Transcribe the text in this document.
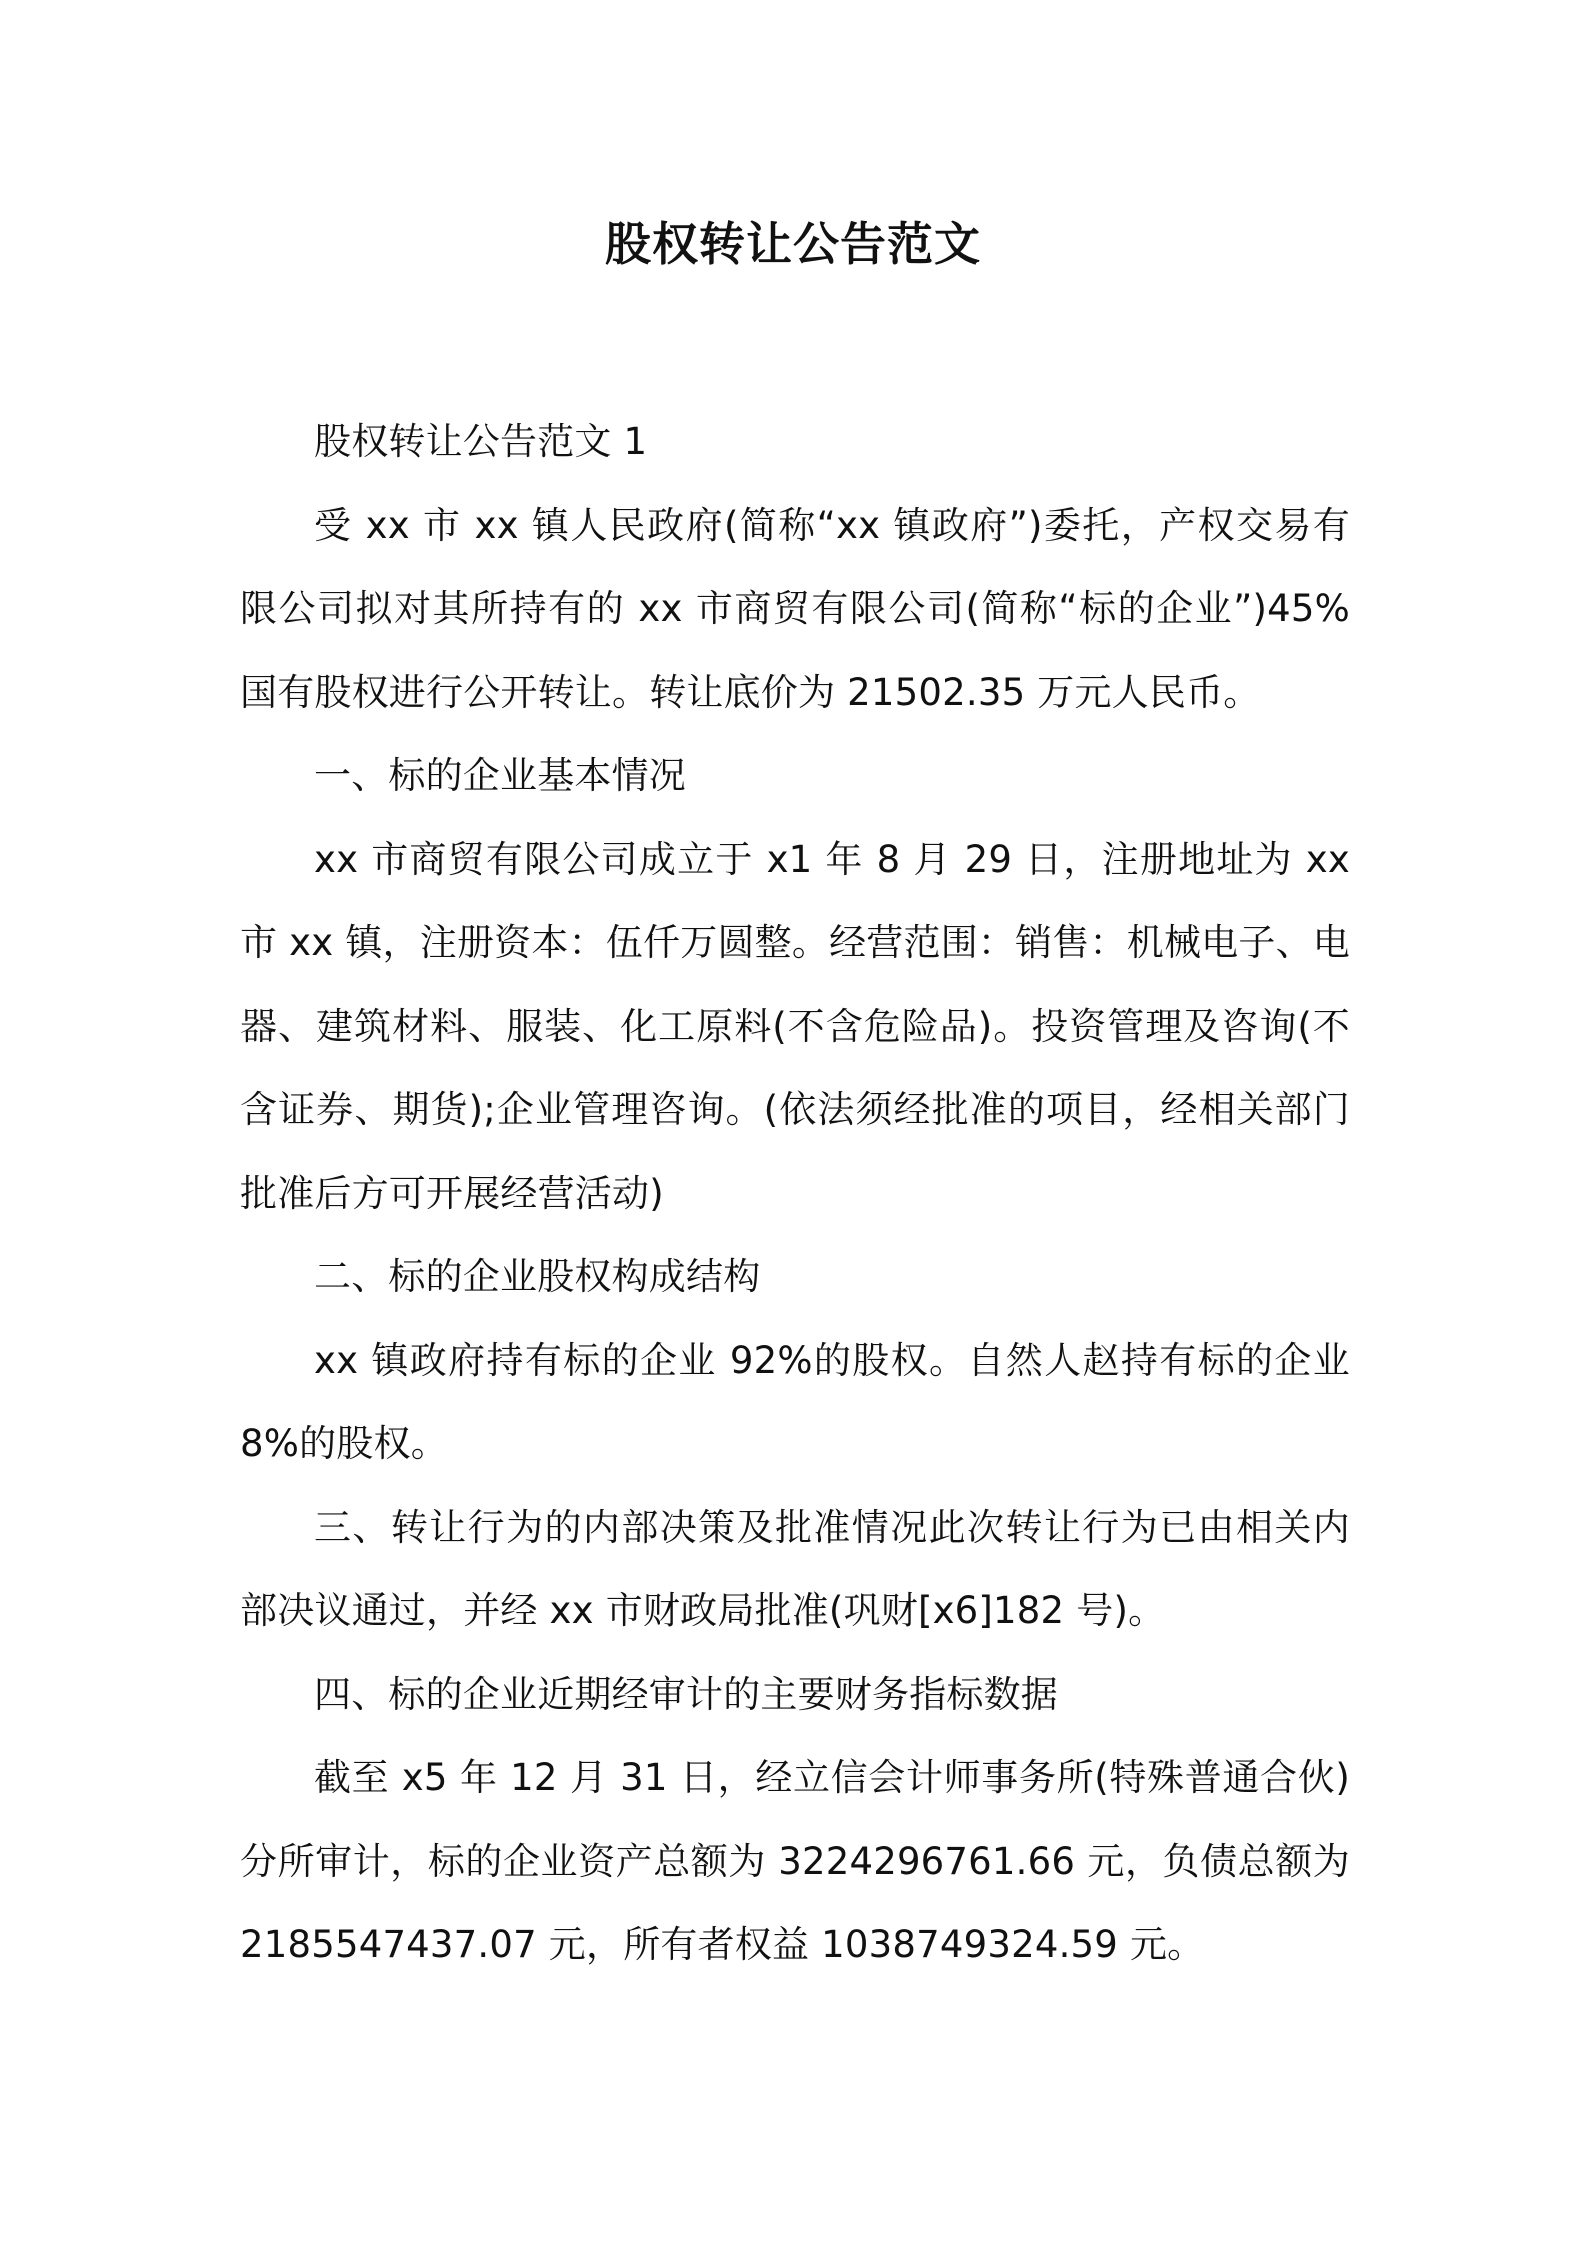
股权转让公告范文

股权转让公告范文 1

受 xx 市 xx 镇人民政府(简称“xx 镇政府”)委托，产权交易有限公司拟对其所持有的 xx 市商贸有限公司(简称“标的企业”)45%国有股权进行公开转让。转让底价为 21502.35 万元人民币。

一、标的企业基本情况

xx 市商贸有限公司成立于 x1 年 8 月 29 日，注册地址为 xx 市 xx 镇，注册资本：伍仟万圆整。经营范围：销售：机械电子、电器、建筑材料、服装、化工原料(不含危险品)。投资管理及咨询(不含证券、期货);企业管理咨询。(依法须经批准的项目，经相关部门批准后方可开展经营活动)

二、标的企业股权构成结构

xx 镇政府持有标的企业 92%的股权。自然人赵持有标的企业 8%的股权。

三、转让行为的内部决策及批准情况此次转让行为已由相关内部决议通过，并经 xx 市财政局批准(巩财[x6]182 号)。

四、标的企业近期经审计的主要财务指标数据

截至 x5 年 12 月 31 日，经立信会计师事务所(特殊普通合伙)分所审计，标的企业资产总额为 3224296761.66 元，负债总额为 2185547437.07 元，所有者权益 1038749324.59 元。
